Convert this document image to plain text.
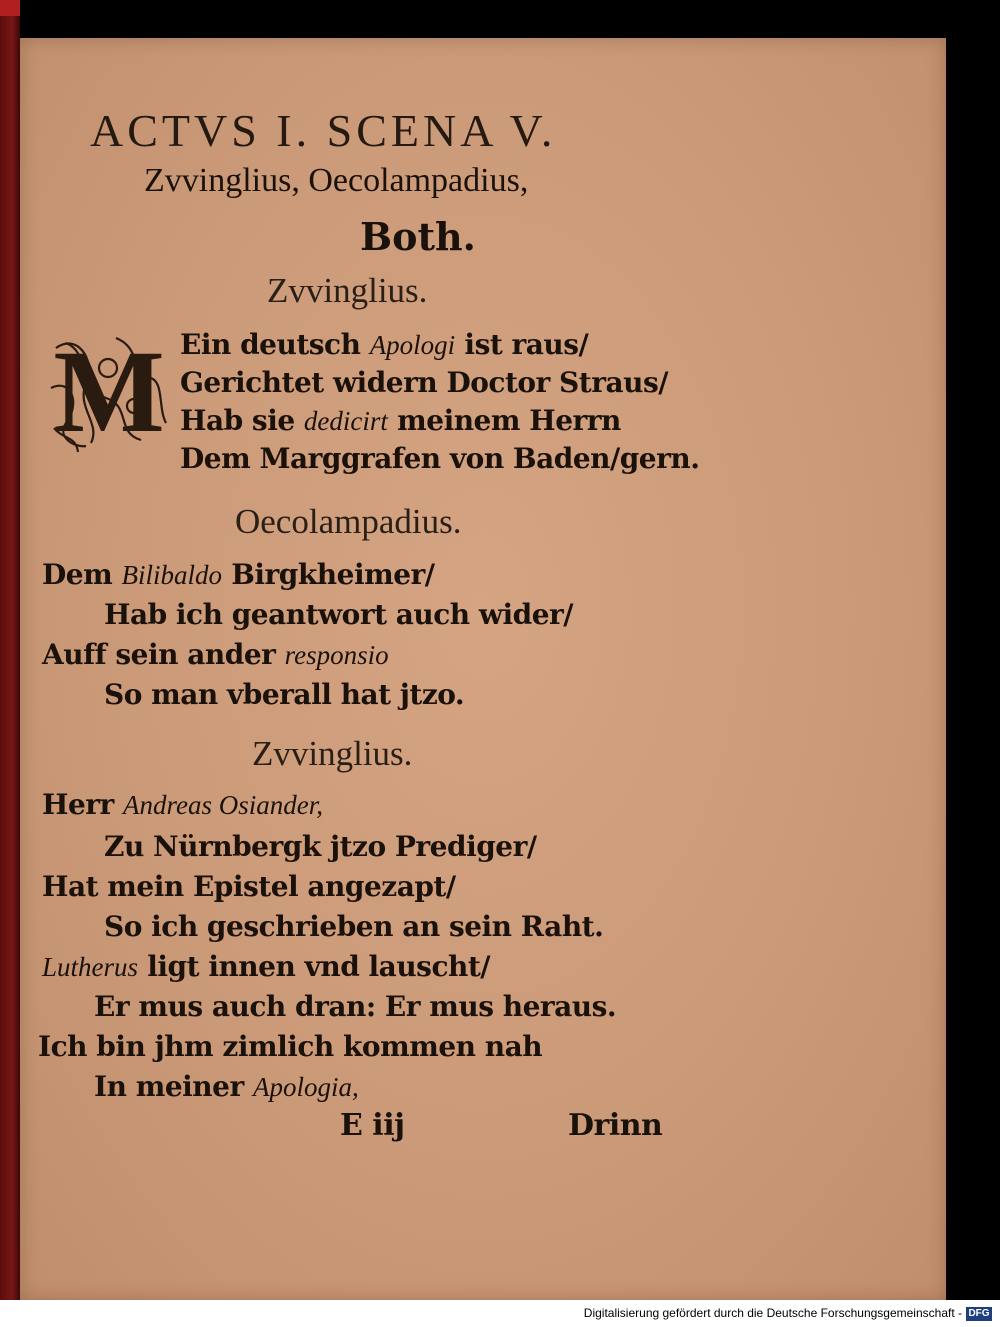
ACTVS I. SCENA V.
Zvvinglius, Oecolampadius,
Both.
Zvvinglius.
M Ein deutsch Apologi ist raus/
Gerichtet widern Doctor Straus/
Hab sie dedicirt meinem Herrn
Dem Marggrafen von Baden/gern.
Oecolampadius.
Dem Bilibaldo Birgkheimer/
Hab ich geantwort auch wider/
Auff sein ander responsio
So man vberall hat jtzo.
Zvvinglius.
Herr Andreas Osiander,
Zu Nürnbergk jtzo Prediger/
Hat mein Epistel angezapt/
So ich geschrieben an sein Raht.
Lutherus ligt innen vnd lauscht/
Er mus auch dran: Er mus heraus.
Ich bin jhm zimlich kommen nah
In meiner Apologia,
E iij	Drinn
Digitalisierung gefördert durch die Deutsche Forschungsgemeinschaft - DFG
